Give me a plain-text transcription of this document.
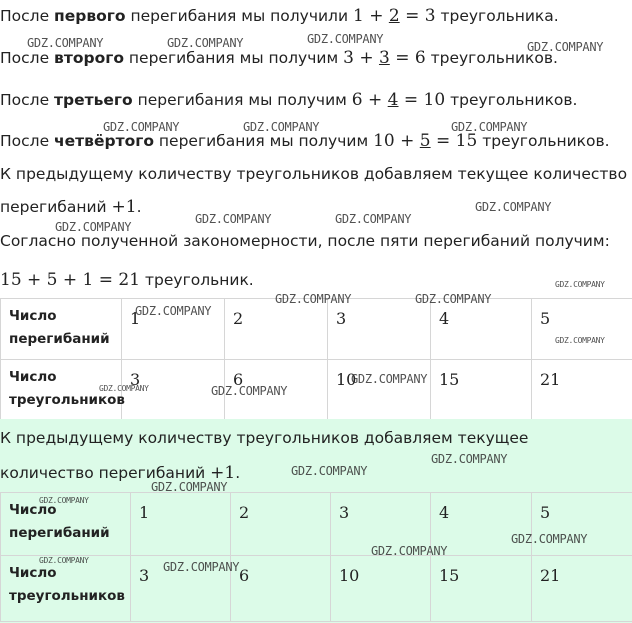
После первого перегибания мы получили 1 + 2 = 3 треугольника.
После второго перегибания мы получим 3 + 3 = 6 треугольников.
После третьего перегибания мы получим 6 + 4 = 10 треугольников.
После четвёртого перегибания мы получим 10 + 5 = 15 треугольников.
К предыдущему количеству треугольников добавляем текущее количество
перегибаний +1.
Согласно полученной закономерности, после пяти перегибаний получим:
15 + 5 + 1 = 21 треугольник.
Число перегибаний	1	2	3	4	5
Число треугольников	3	6	10	15	21
К предыдущему количеству треугольников добавляем текущее
количество перегибаний +1.
Число перегибаний	1	2	3	4	5
Число треугольников	3	6	10	15	21
GDZ.COMPANY	GDZ.COMPANY	GDZ.COMPANY
GDZ.COMPANY
GDZ.COMPANY	GDZ.COMPANY	GDZ.COMPANY
GDZ.COMPANY
GDZ.COMPANY	GDZ.COMPANY
GDZ.COMPANY
GDZ.COMPANY
GDZ.COMPANY	GDZ.COMPANY
GDZ.COMPANY
GDZ.COMPANY
GDZ.COMPANY
GDZ.COMPANY	GDZ.COMPANY
GDZ.COMPANY
GDZ.COMPANY
GDZ.COMPANY
GDZ.COMPANY
GDZ.COMPANY
GDZ.COMPANY
GDZ.COMPANY	GDZ.COMPANY
